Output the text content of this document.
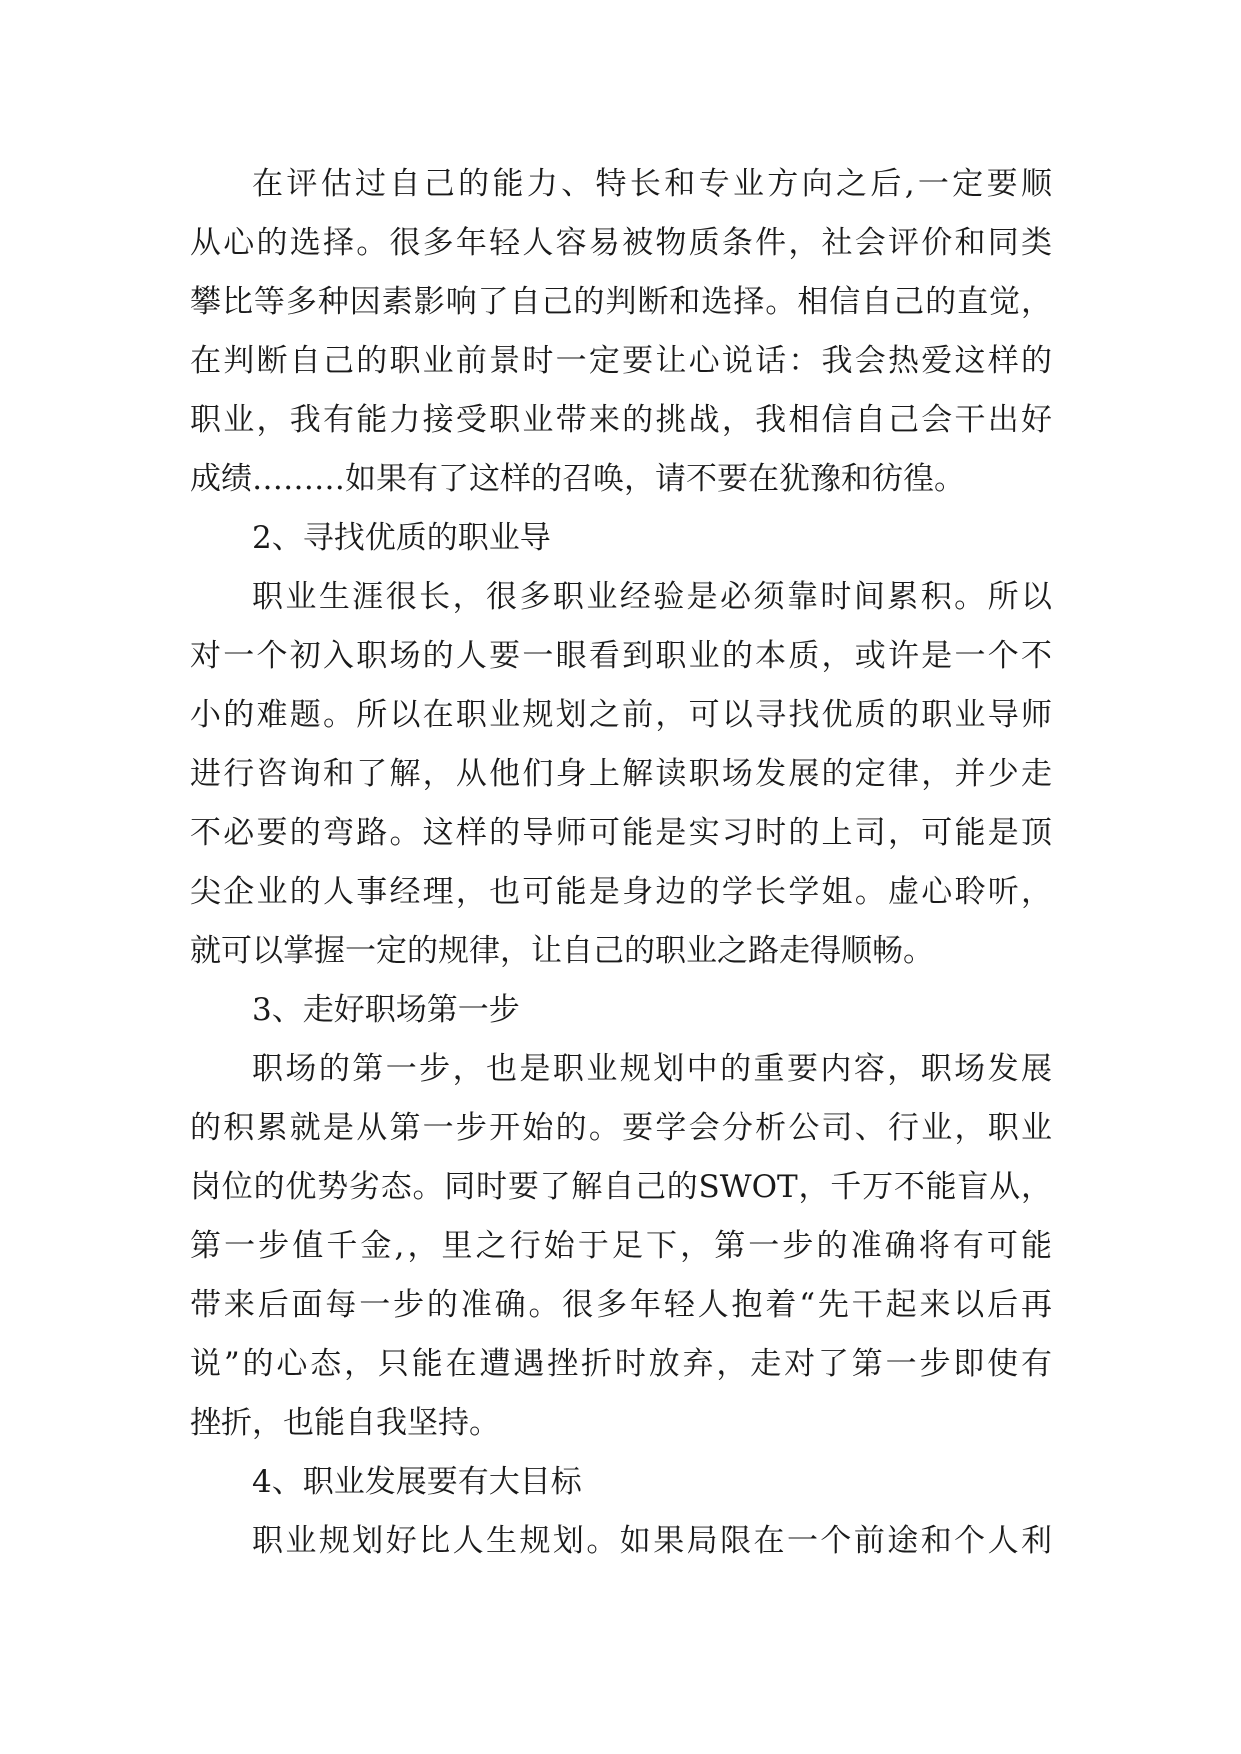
在评估过自己的能力、特长和专业方向之后,一定要顺
从心的选择。很多年轻人容易被物质条件，社会评价和同类
攀比等多种因素影响了自己的判断和选择。相信自己的直觉，
在判断自己的职业前景时一定要让心说话：我会热爱这样的
职业，我有能力接受职业带来的挑战，我相信自己会干出好
成绩………如果有了这样的召唤，请不要在犹豫和彷徨。

2、寻找优质的职业导

职业生涯很长，很多职业经验是必须靠时间累积。所以
对一个初入职场的人要一眼看到职业的本质，或许是一个不
小的难题。所以在职业规划之前，可以寻找优质的职业导师
进行咨询和了解，从他们身上解读职场发展的定律，并少走
不必要的弯路。这样的导师可能是实习时的上司，可能是顶
尖企业的人事经理，也可能是身边的学长学姐。虚心聆听，
就可以掌握一定的规律，让自己的职业之路走得顺畅。

3、走好职场第一步

职场的第一步，也是职业规划中的重要内容，职场发展
的积累就是从第一步开始的。要学会分析公司、行业，职业
岗位的优势劣态。同时要了解自己的SWOT，千万不能盲从，
第一步值千金,，里之行始于足下，第一步的准确将有可能
带来后面每一步的准确。很多年轻人抱着“先干起来以后再
说”的心态，只能在遭遇挫折时放弃，走对了第一步即使有
挫折，也能自我坚持。

4、职业发展要有大目标

职业规划好比人生规划。如果局限在一个前途和个人利
